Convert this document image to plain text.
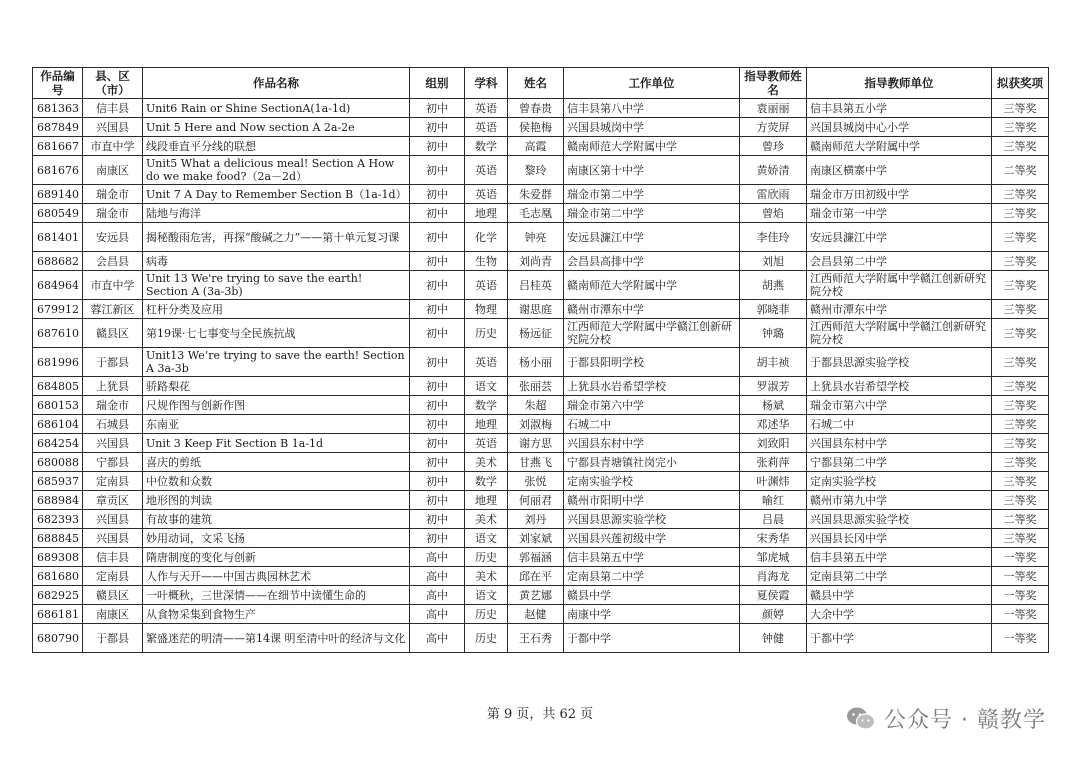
作品编号	县、区（市）	作品名称	组别	学科	姓名	工作单位	指导教师姓名	指导教师单位	拟获奖项
681363	信丰县	Unit6 Rain or Shine SectionA(1a-1d)	初中	英语	曾春贵	信丰县第八中学	袁丽丽	信丰县第五小学	三等奖
687849	兴国县	Unit 5 Here and Now section A 2a-2e	初中	英语	侯艳梅	兴国县城岗中学	方荧屏	兴国县城岗中心小学	三等奖
681667	市直中学	线段垂直平分线的联想	初中	数学	高霞	赣南师范大学附属中学	曾珍	赣南师范大学附属中学	三等奖
681676	南康区	Unit5 What a delicious meal! Section A How do we make food?（2a－2d）	初中	英语	黎玲	南康区第十中学	黄娇清	南康区横寨中学	二等奖
689140	瑞金市	Unit 7 A Day to Remember Section B（1a-1d）	初中	英语	朱爱群	瑞金市第二中学	雷欣雨	瑞金市万田初级中学	三等奖
680549	瑞金市	陆地与海洋	初中	地理	毛志凰	瑞金市第二中学	曾焰	瑞金市第一中学	三等奖
681401	安远县	揭秘酸雨危害，再探“酸碱之力”——第十单元复习课	初中	化学	钟亮	安远县濂江中学	李佳玲	安远县濂江中学	三等奖
688682	会昌县	病毒	初中	生物	刘尚青	会昌县高排中学	刘旭	会昌县第二中学	三等奖
684964	市直中学	Unit 13 We're trying to save the earth! Section A (3a-3b)	初中	英语	吕桂英	赣南师范大学附属中学	胡燕	江西师范大学附属中学赣江创新研究院分校	三等奖
679912	蓉江新区	杠杆分类及应用	初中	物理	谢思庭	赣州市潭东中学	郭晓菲	赣州市潭东中学	三等奖
687610	赣县区	第19课·七七事变与全民族抗战	初中	历史	杨远征	江西师范大学附属中学赣江创新研究院分校	钟璐	江西师范大学附属中学赣江创新研究院分校	三等奖
681996	于都县	Unit13 We’re trying to save the earth! Section A 3a-3b	初中	英语	杨小丽	于都县阳明学校	胡丰祯	于都县思源实验学校	三等奖
684805	上犹县	骄路梨花	初中	语文	张丽芸	上犹县水岩希望学校	罗淑芳	上犹县水岩希望学校	三等奖
680153	瑞金市	尺规作图与创新作图	初中	数学	朱超	瑞金市第六中学	杨斌	瑞金市第六中学	三等奖
686104	石城县	东南亚	初中	地理	刘淑梅	石城二中	邓述华	石城二中	三等奖
684254	兴国县	Unit 3 Keep Fit Section B 1a-1d	初中	英语	谢方思	兴国县东村中学	刘致阳	兴国县东村中学	三等奖
680088	宁都县	喜庆的剪纸	初中	美术	甘燕飞	宁都县青塘镇社岗完小	张莉萍	宁都县第二中学	三等奖
685937	定南县	中位数和众数	初中	数学	张悦	定南实验学校	叶渊炜	定南实验学校	三等奖
688984	章贡区	地形图的判读	初中	地理	何丽君	赣州市阳明中学	喻红	赣州市第九中学	三等奖
682393	兴国县	有故事的建筑	初中	美术	刘丹	兴国县思源实验学校	吕晨	兴国县思源实验学校	二等奖
688845	兴国县	妙用动词，文采飞扬	初中	语文	刘家斌	兴国县兴莲初级中学	宋秀华	兴国县长冈中学	三等奖
689308	信丰县	隋唐制度的变化与创新	高中	历史	郭福涵	信丰县第五中学	邹虎城	信丰县第五中学	一等奖
681680	定南县	人作与天开——中国古典园林艺术	高中	美术	邱在平	定南县第二中学	肖海龙	定南县第二中学	一等奖
682925	赣县区	一叶概秋，三世深情——在细节中读懂生命的	高中	语文	黄艺娜	赣县中学	夏侯霞	赣县中学	一等奖
686181	南康区	从食物采集到食物生产	高中	历史	赵健	南康中学	颜婷	大余中学	一等奖
680790	于都县	繁盛迷茫的明清——第14课 明至清中叶的经济与文化	高中	历史	王石秀	于都中学	钟健	于都中学	一等奖
第 9 页，共 62 页	公众号 · 赣教学
